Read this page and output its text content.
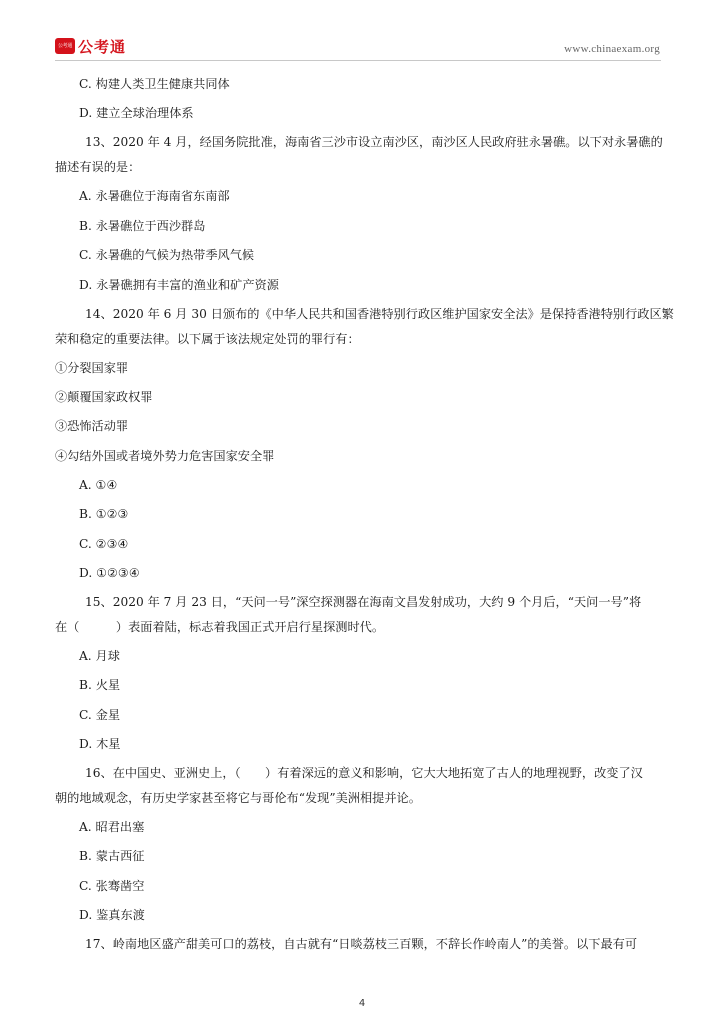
公考通 公考通	www.chinaexam.org
C. 构建人类卫生健康共同体
D. 建立全球治理体系
13、2020 年 4 月，经国务院批准，海南省三沙市设立南沙区，南沙区人民政府驻永暑礁。以下对永暑礁的
描述有误的是：
A. 永暑礁位于海南省东南部
B. 永暑礁位于西沙群岛
C. 永暑礁的气候为热带季风气候
D. 永暑礁拥有丰富的渔业和矿产资源
14、2020 年 6 月 30 日颁布的《中华人民共和国香港特别行政区维护国家安全法》是保持香港特别行政区繁
荣和稳定的重要法律。以下属于该法规定处罚的罪行有：
①分裂国家罪
②颠覆国家政权罪
③恐怖活动罪
④勾结外国或者境外势力危害国家安全罪
A. ①④
B. ①②③
C. ②③④
D. ①②③④
15、2020 年 7 月 23 日，“天问一号”深空探测器在海南文昌发射成功，大约 9 个月后，“天问一号”将
在（　　　）表面着陆，标志着我国正式开启行星探测时代。
A. 月球
B. 火星
C. 金星
D. 木星
16、在中国史、亚洲史上，（　　）有着深远的意义和影响，它大大地拓宽了古人的地理视野，改变了汉
朝的地域观念，有历史学家甚至将它与哥伦布“发现”美洲相提并论。
A. 昭君出塞
B. 蒙古西征
C. 张骞凿空
D. 鉴真东渡
17、岭南地区盛产甜美可口的荔枝，自古就有“日啖荔枝三百颗，不辞长作岭南人”的美誉。以下最有可
4
